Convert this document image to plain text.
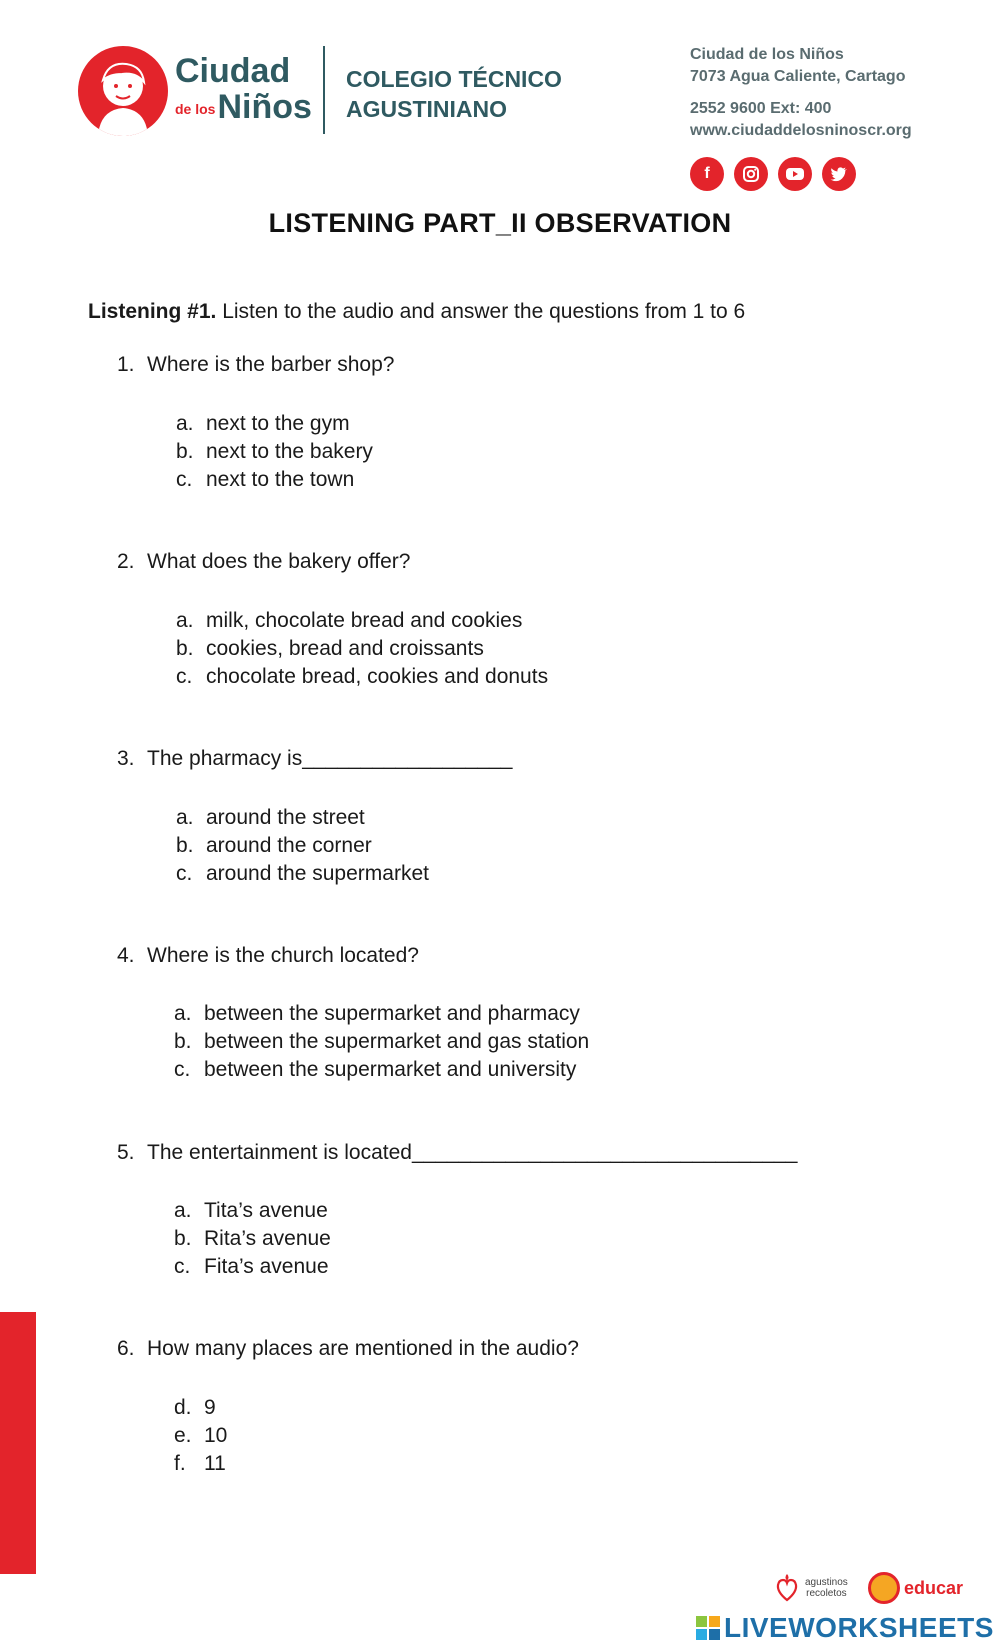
Ciudad
de losNiños
COLEGIO TÉCNICO
AGUSTINIANO
Ciudad de los Niños
7073 Agua Caliente, Cartago
2552 9600 Ext: 400
www.ciudaddelosninoscr.org
f
LISTENING PART_II OBSERVATION
Listening #1. Listen to the audio and answer the questions from 1 to 6
1. Where is the barber shop?
a. next to the gym
b. next to the bakery
c. next to the town
2. What does the bakery offer?
a. milk, chocolate bread and cookies
b. cookies, bread and croissants
c. chocolate bread, cookies and donuts
3. The pharmacy is__________________
a. around the street
b. around the corner
c. around the supermarket
4. Where is the church located?
a. between the supermarket and pharmacy
b. between the supermarket and gas station
c. between the supermarket and university
5. The entertainment is located_________________________________
a. Tita’s avenue
b. Rita’s avenue
c. Fita’s avenue
6. How many places are mentioned in the audio?
d. 9
e. 10
f. 11
agustinos
recoletos	educar
LIVEWORKSHEETS
